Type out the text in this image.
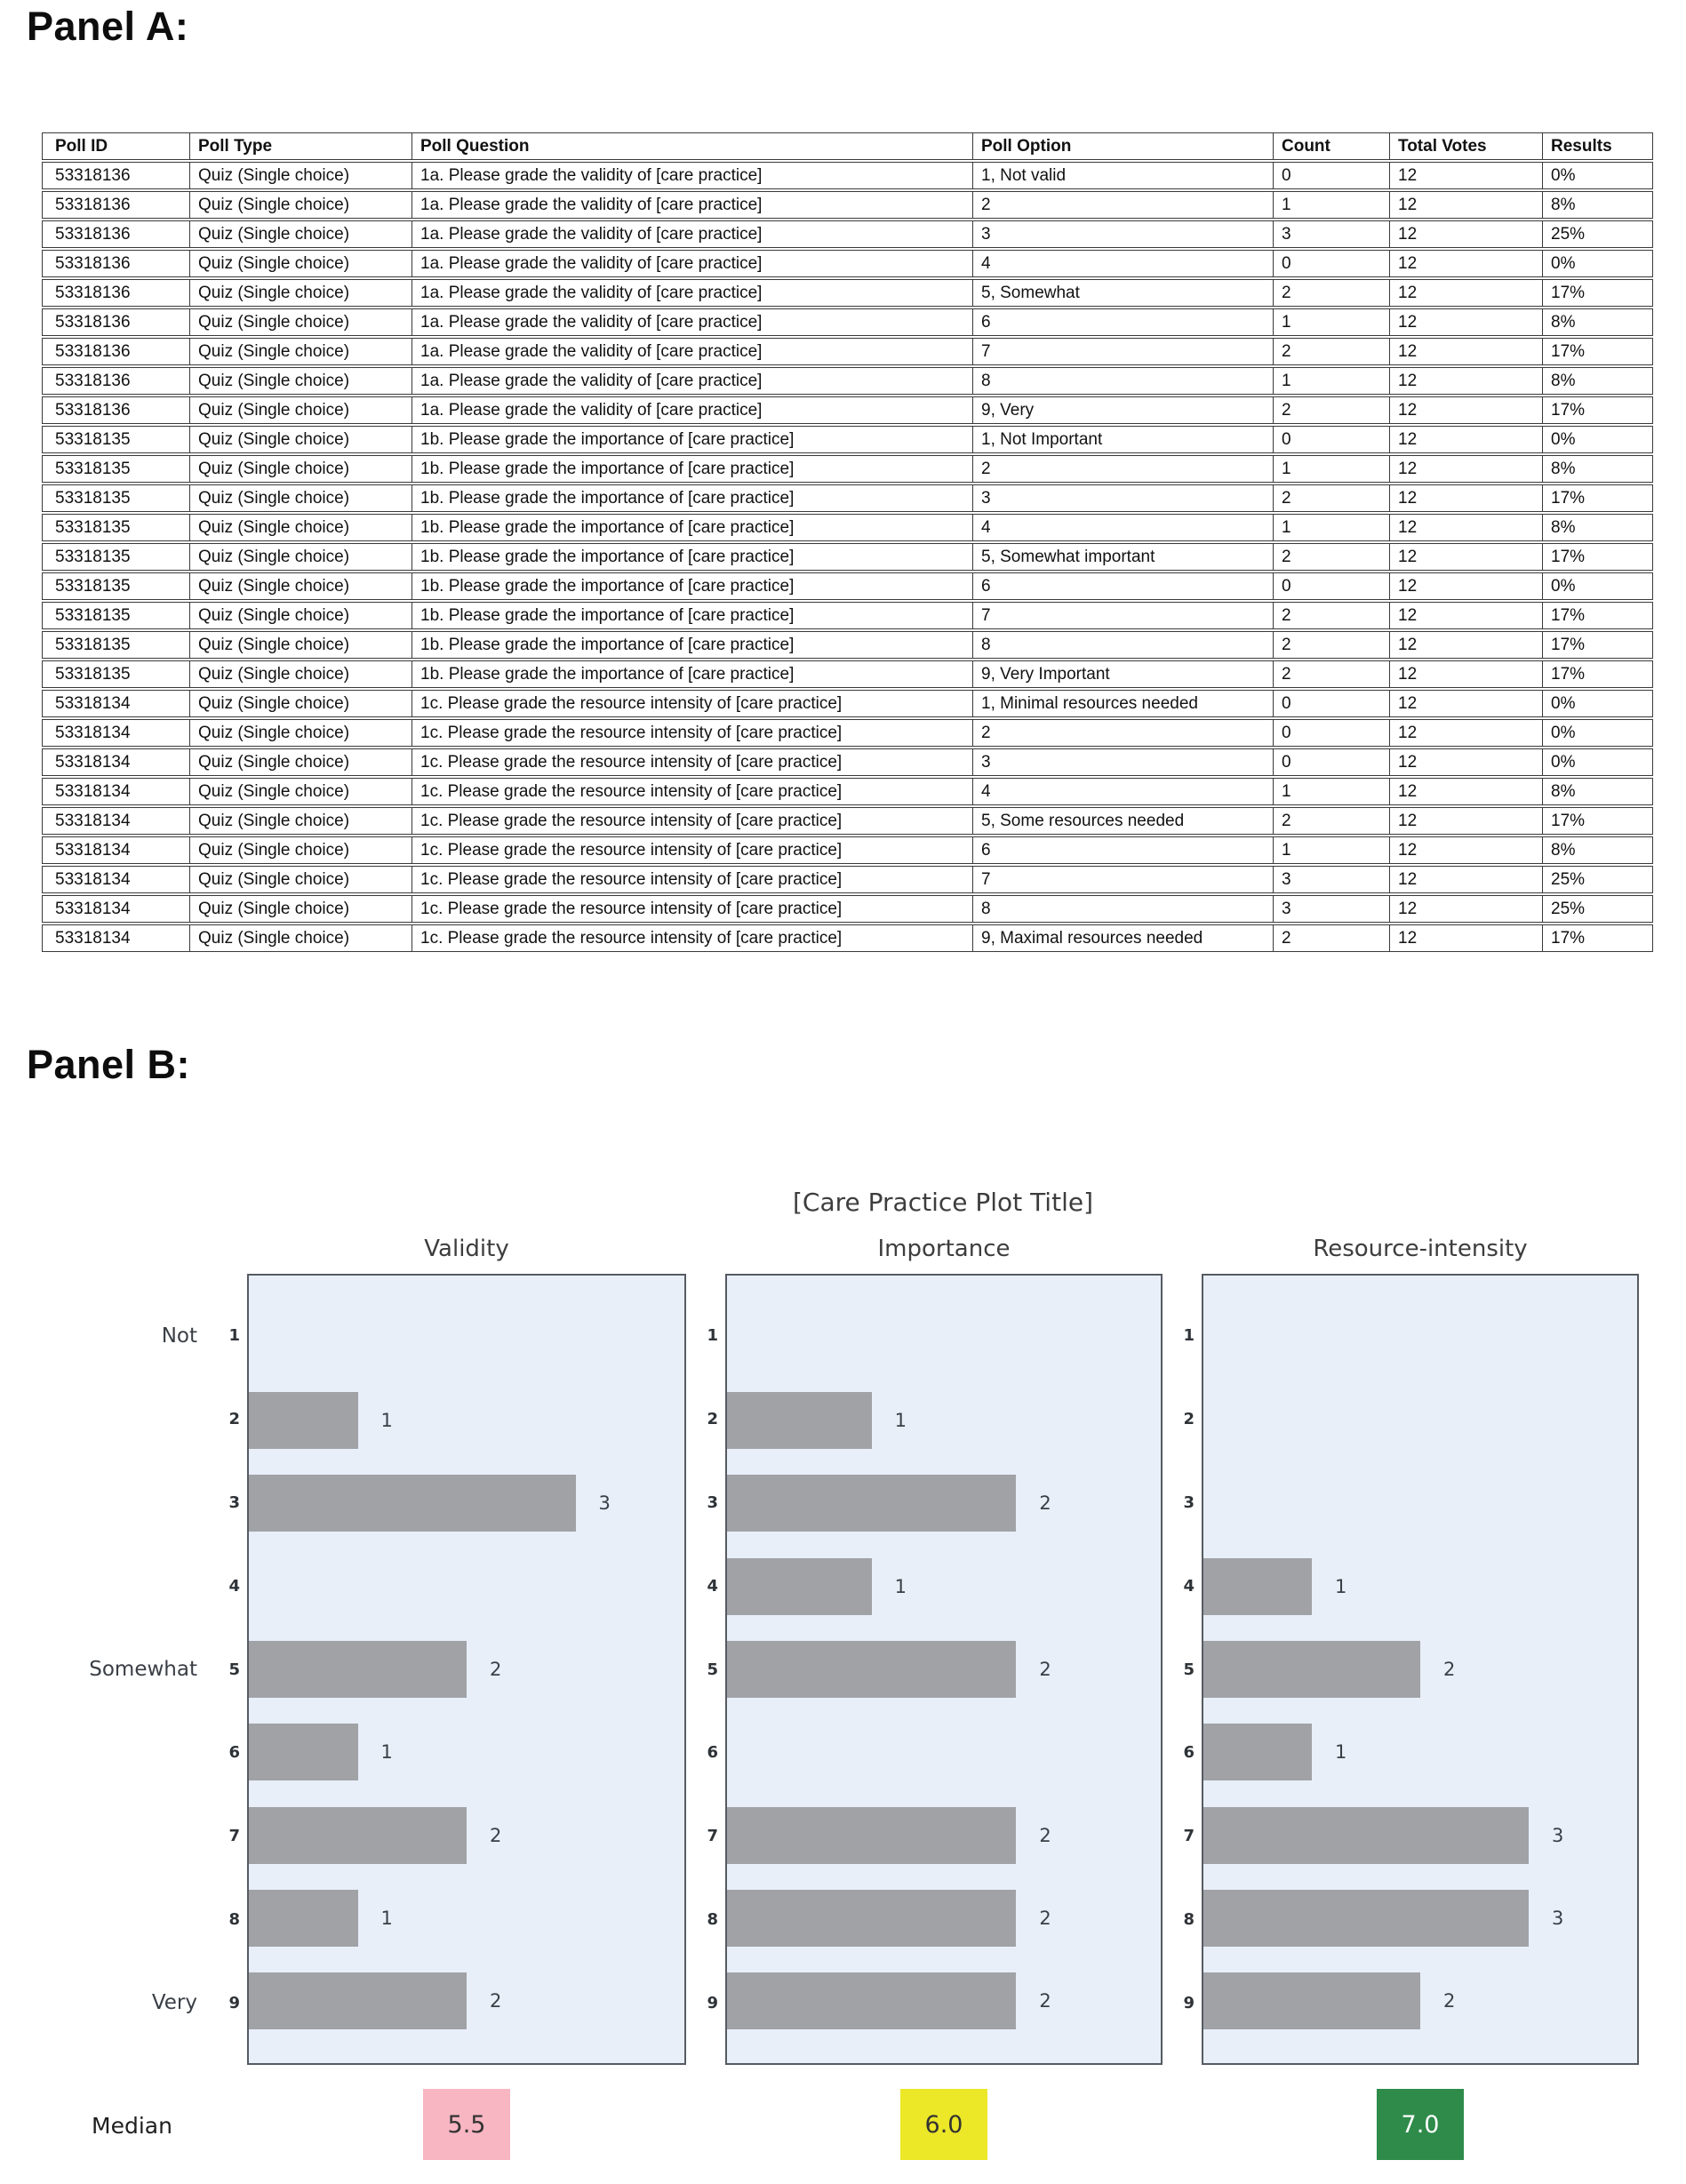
Panel A:
Poll ID	Poll Type	Poll Question	Poll Option	Count	Total Votes	Results
53318136	Quiz (Single choice)	1a. Please grade the validity of [care practice]	1, Not valid	0	12	0%
53318136	Quiz (Single choice)	1a. Please grade the validity of [care practice]	2	1	12	8%
53318136	Quiz (Single choice)	1a. Please grade the validity of [care practice]	3	3	12	25%
53318136	Quiz (Single choice)	1a. Please grade the validity of [care practice]	4	0	12	0%
53318136	Quiz (Single choice)	1a. Please grade the validity of [care practice]	5, Somewhat	2	12	17%
53318136	Quiz (Single choice)	1a. Please grade the validity of [care practice]	6	1	12	8%
53318136	Quiz (Single choice)	1a. Please grade the validity of [care practice]	7	2	12	17%
53318136	Quiz (Single choice)	1a. Please grade the validity of [care practice]	8	1	12	8%
53318136	Quiz (Single choice)	1a. Please grade the validity of [care practice]	9, Very	2	12	17%
53318135	Quiz (Single choice)	1b. Please grade the importance of [care practice]	1, Not Important	0	12	0%
53318135	Quiz (Single choice)	1b. Please grade the importance of [care practice]	2	1	12	8%
53318135	Quiz (Single choice)	1b. Please grade the importance of [care practice]	3	2	12	17%
53318135	Quiz (Single choice)	1b. Please grade the importance of [care practice]	4	1	12	8%
53318135	Quiz (Single choice)	1b. Please grade the importance of [care practice]	5, Somewhat important	2	12	17%
53318135	Quiz (Single choice)	1b. Please grade the importance of [care practice]	6	0	12	0%
53318135	Quiz (Single choice)	1b. Please grade the importance of [care practice]	7	2	12	17%
53318135	Quiz (Single choice)	1b. Please grade the importance of [care practice]	8	2	12	17%
53318135	Quiz (Single choice)	1b. Please grade the importance of [care practice]	9, Very Important	2	12	17%
53318134	Quiz (Single choice)	1c. Please grade the resource intensity of [care practice]	1, Minimal resources needed	0	12	0%
53318134	Quiz (Single choice)	1c. Please grade the resource intensity of [care practice]	2	0	12	0%
53318134	Quiz (Single choice)	1c. Please grade the resource intensity of [care practice]	3	0	12	0%
53318134	Quiz (Single choice)	1c. Please grade the resource intensity of [care practice]	4	1	12	8%
53318134	Quiz (Single choice)	1c. Please grade the resource intensity of [care practice]	5, Some resources needed	2	12	17%
53318134	Quiz (Single choice)	1c. Please grade the resource intensity of [care practice]	6	1	12	8%
53318134	Quiz (Single choice)	1c. Please grade the resource intensity of [care practice]	7	3	12	25%
53318134	Quiz (Single choice)	1c. Please grade the resource intensity of [care practice]	8	3	12	25%
53318134	Quiz (Single choice)	1c. Please grade the resource intensity of [care practice]	9, Maximal resources needed	2	12	17%
Panel B:
[Care Practice Plot Title]
Not
Somewhat
Very
Validity
1
2
3
4
5
6
7
8
9
1
3
2
1
2
1
2
5.5
Importance
1
2
3
4
5
6
7
8
9
1
2
1
2
2
2
2
6.0
Resource-intensity
1
2
3
4
5
6
7
8
9
1
2
1
3
3
2
7.0
Median
